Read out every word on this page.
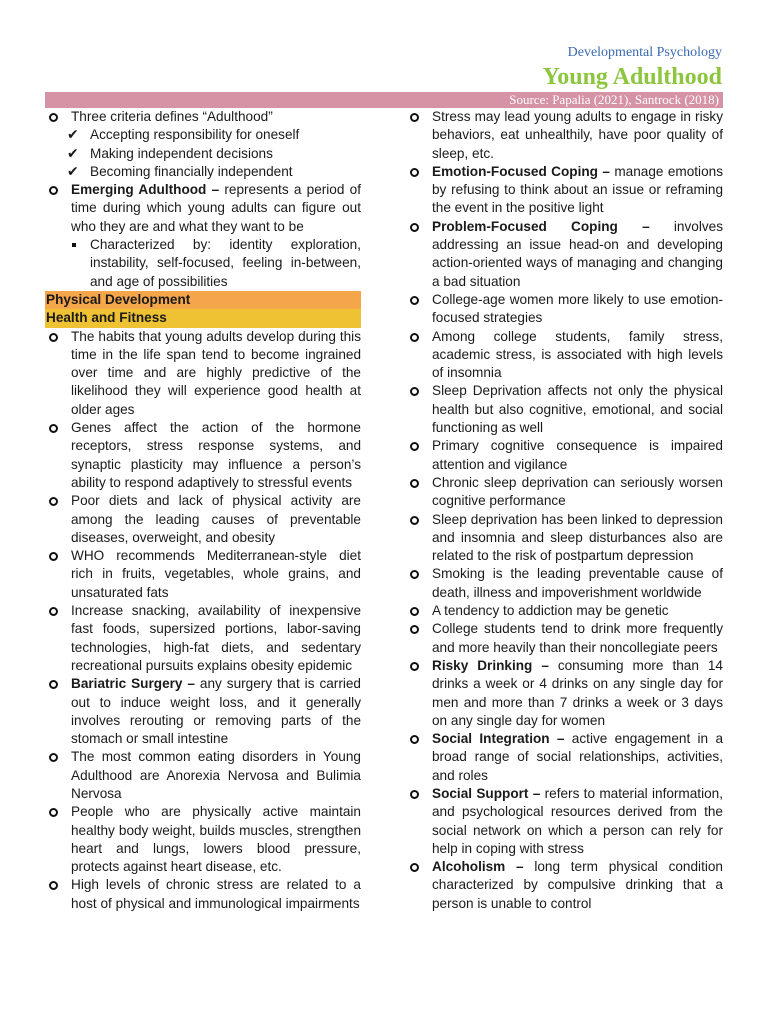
Developmental Psychology
Young Adulthood
Source: Papalia (2021), Santrock (2018)
Three criteria defines “Adulthood”
✔ Accepting responsibility for oneself
✔ Making independent decisions
✔ Becoming financially independent
Emerging Adulthood – represents a period of time during which young adults can figure out who they are and what they want to be
Characterized by: identity exploration, instability, self-focused, feeling in-between, and age of possibilities
Physical Development
Health and Fitness
The habits that young adults develop during this time in the life span tend to become ingrained over time and are highly predictive of the likelihood they will experience good health at older ages
Genes affect the action of the hormone receptors, stress response systems, and synaptic plasticity may influence a person’s ability to respond adaptively to stressful events
Poor diets and lack of physical activity are among the leading causes of preventable diseases, overweight, and obesity
WHO recommends Mediterranean-style diet rich in fruits, vegetables, whole grains, and unsaturated fats
Increase snacking, availability of inexpensive fast foods, supersized portions, labor-saving technologies, high-fat diets, and sedentary recreational pursuits explains obesity epidemic
Bariatric Surgery – any surgery that is carried out to induce weight loss, and it generally involves rerouting or removing parts of the stomach or small intestine
The most common eating disorders in Young Adulthood are Anorexia Nervosa and Bulimia Nervosa
People who are physically active maintain healthy body weight, builds muscles, strengthen heart and lungs, lowers blood pressure, protects against heart disease, etc.
High levels of chronic stress are related to a host of physical and immunological impairments
Stress may lead young adults to engage in risky behaviors, eat unhealthily, have poor quality of sleep, etc.
Emotion-Focused Coping – manage emotions by refusing to think about an issue or reframing the event in the positive light
Problem-Focused Coping – involves addressing an issue head-on and developing action-oriented ways of managing and changing a bad situation
College-age women more likely to use emotion-focused strategies
Among college students, family stress, academic stress, is associated with high levels of insomnia
Sleep Deprivation affects not only the physical health but also cognitive, emotional, and social functioning as well
Primary cognitive consequence is impaired attention and vigilance
Chronic sleep deprivation can seriously worsen cognitive performance
Sleep deprivation has been linked to depression and insomnia and sleep disturbances also are related to the risk of postpartum depression
Smoking is the leading preventable cause of death, illness and impoverishment worldwide
A tendency to addiction may be genetic
College students tend to drink more frequently and more heavily than their noncollegiate peers
Risky Drinking – consuming more than 14 drinks a week or 4 drinks on any single day for men and more than 7 drinks a week or 3 days on any single day for women
Social Integration – active engagement in a broad range of social relationships, activities, and roles
Social Support – refers to material information, and psychological resources derived from the social network on which a person can rely for help in coping with stress
Alcoholism – long term physical condition characterized by compulsive drinking that a person is unable to control
